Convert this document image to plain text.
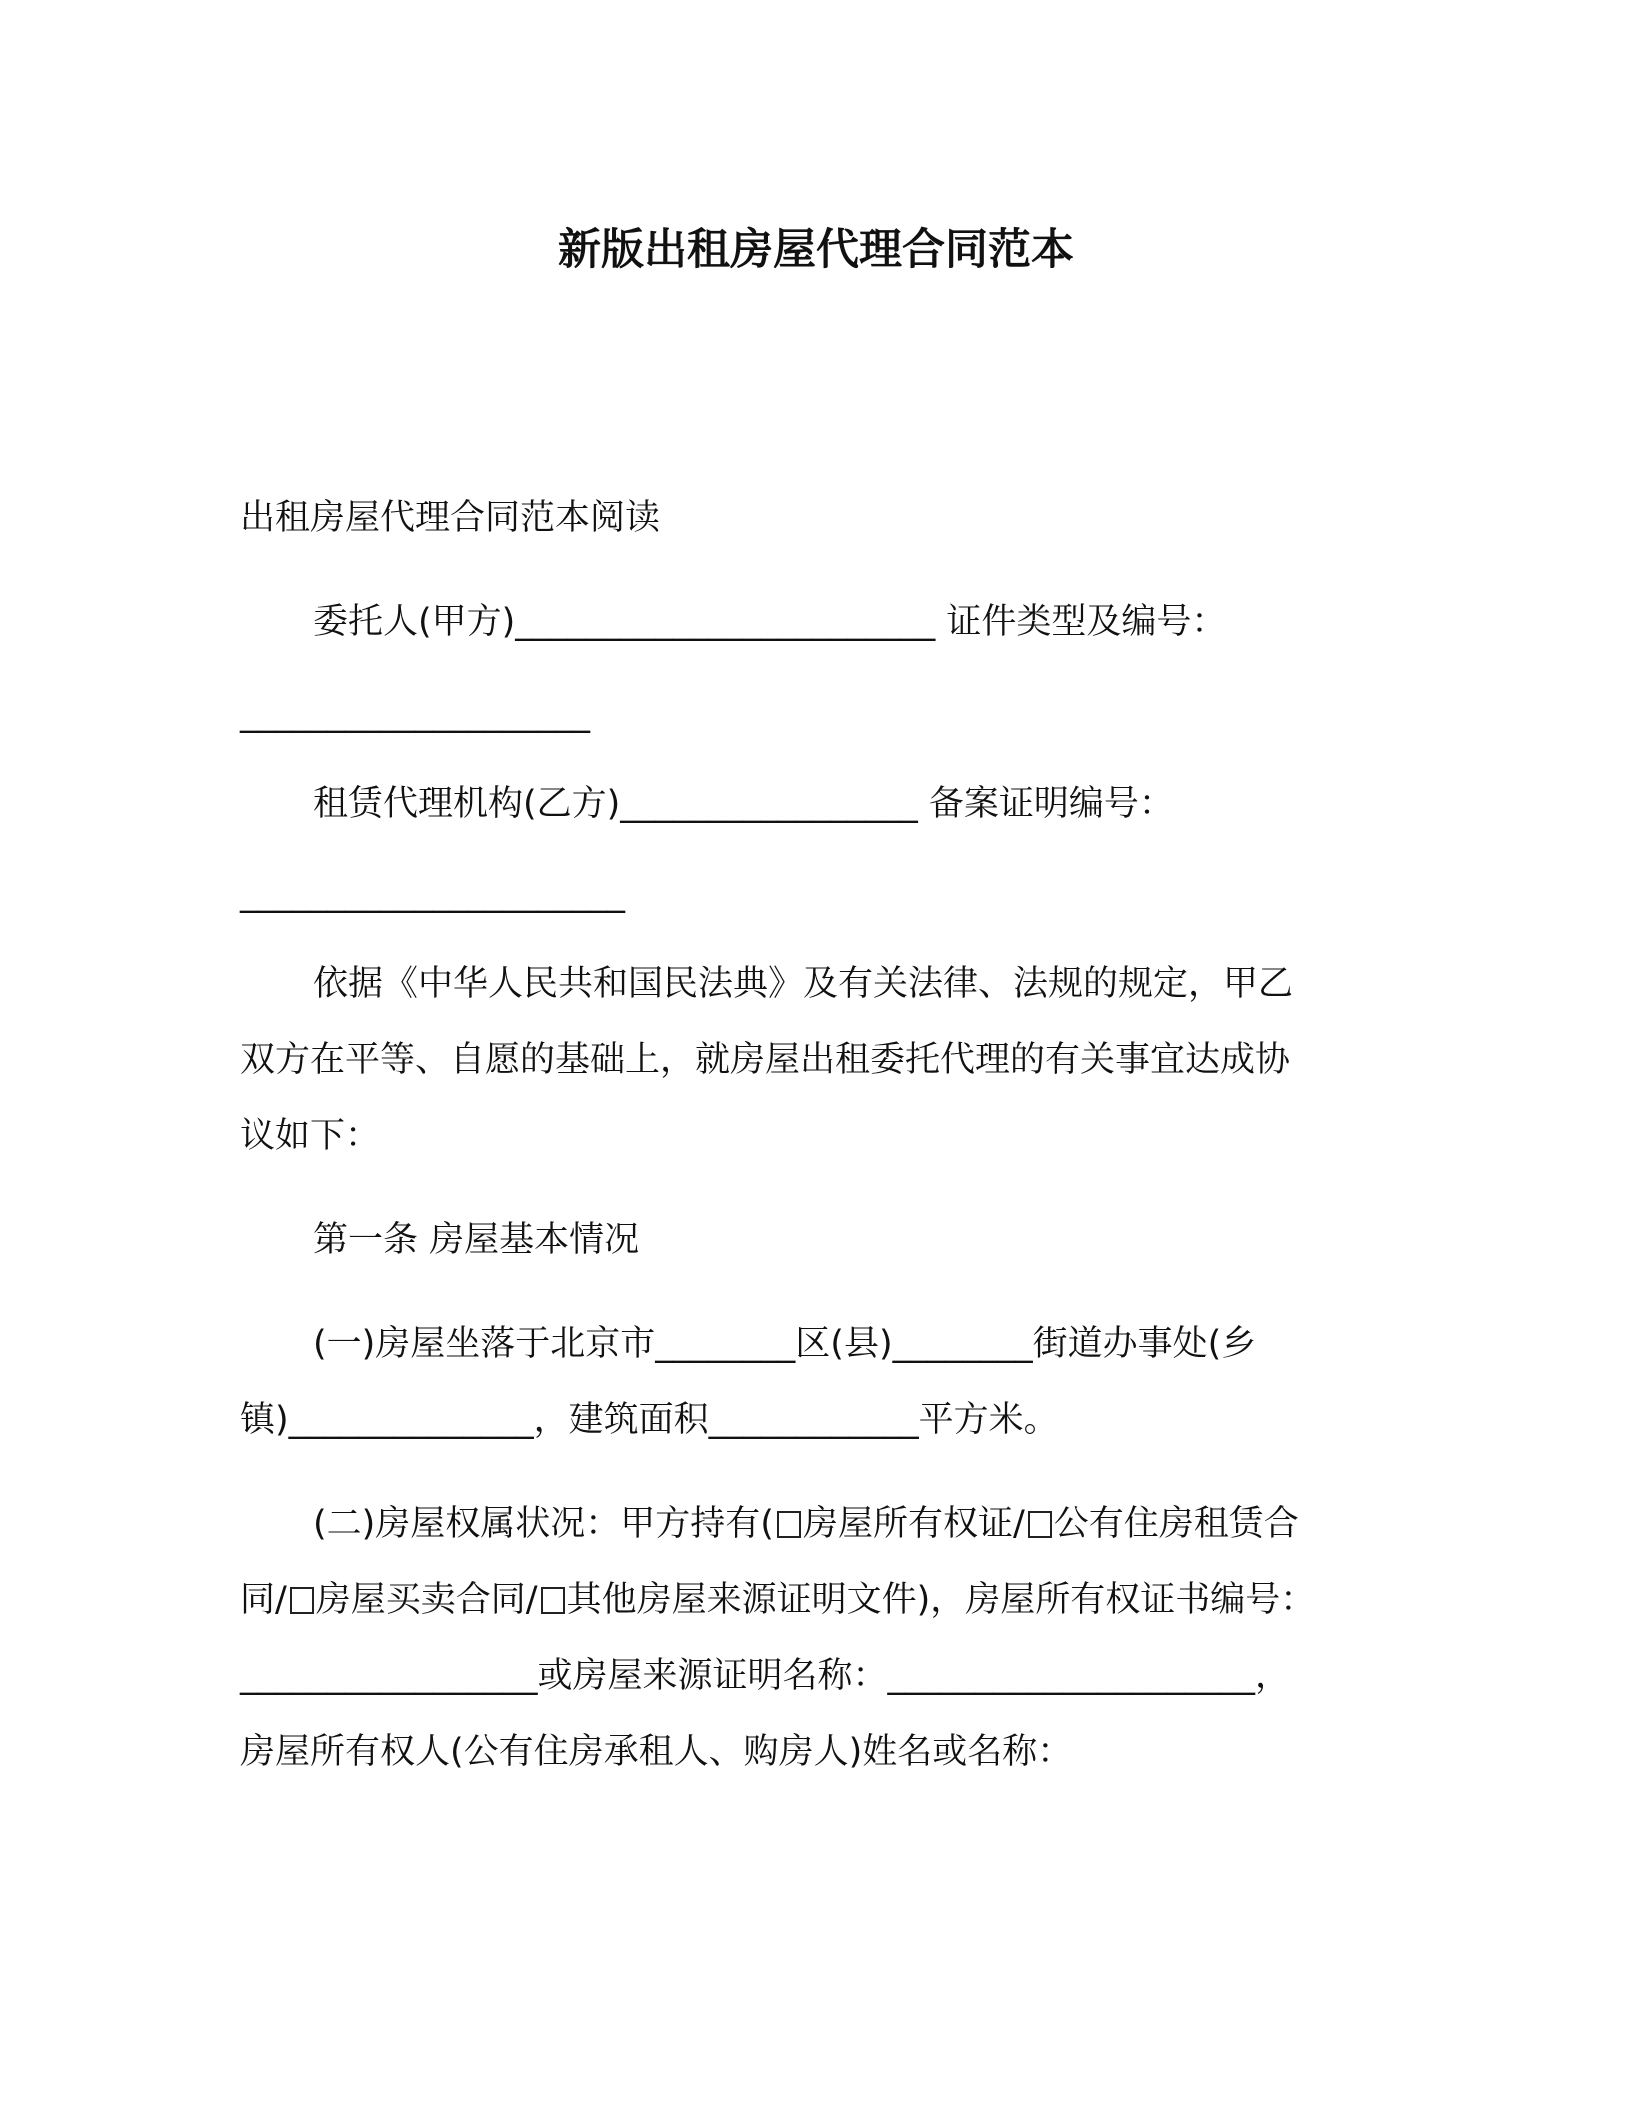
新版出租房屋代理合同范本
出租房屋代理合同范本阅读
委托人(甲方)________________________ 证件类型及编号：
____________________
租赁代理机构(乙方)_________________ 备案证明编号：
______________________
依据《中华人民共和国民法典》及有关法律、法规的规定，甲乙
双方在平等、自愿的基础上，就房屋出租委托代理的有关事宜达成协
议如下：
第一条 房屋基本情况
(一)房屋坐落于北京市________区(县)________街道办事处(乡
镇)______________，建筑面积____________平方米。
(二)房屋权属状况：甲方持有( 房屋所有权证/ 公有住房租赁合
同/ 房屋买卖合同/ 其他房屋来源证明文件)，房屋所有权证书编号：
_________________或房屋来源证明名称：_____________________，
房屋所有权人(公有住房承租人、购房人)姓名或名称：
